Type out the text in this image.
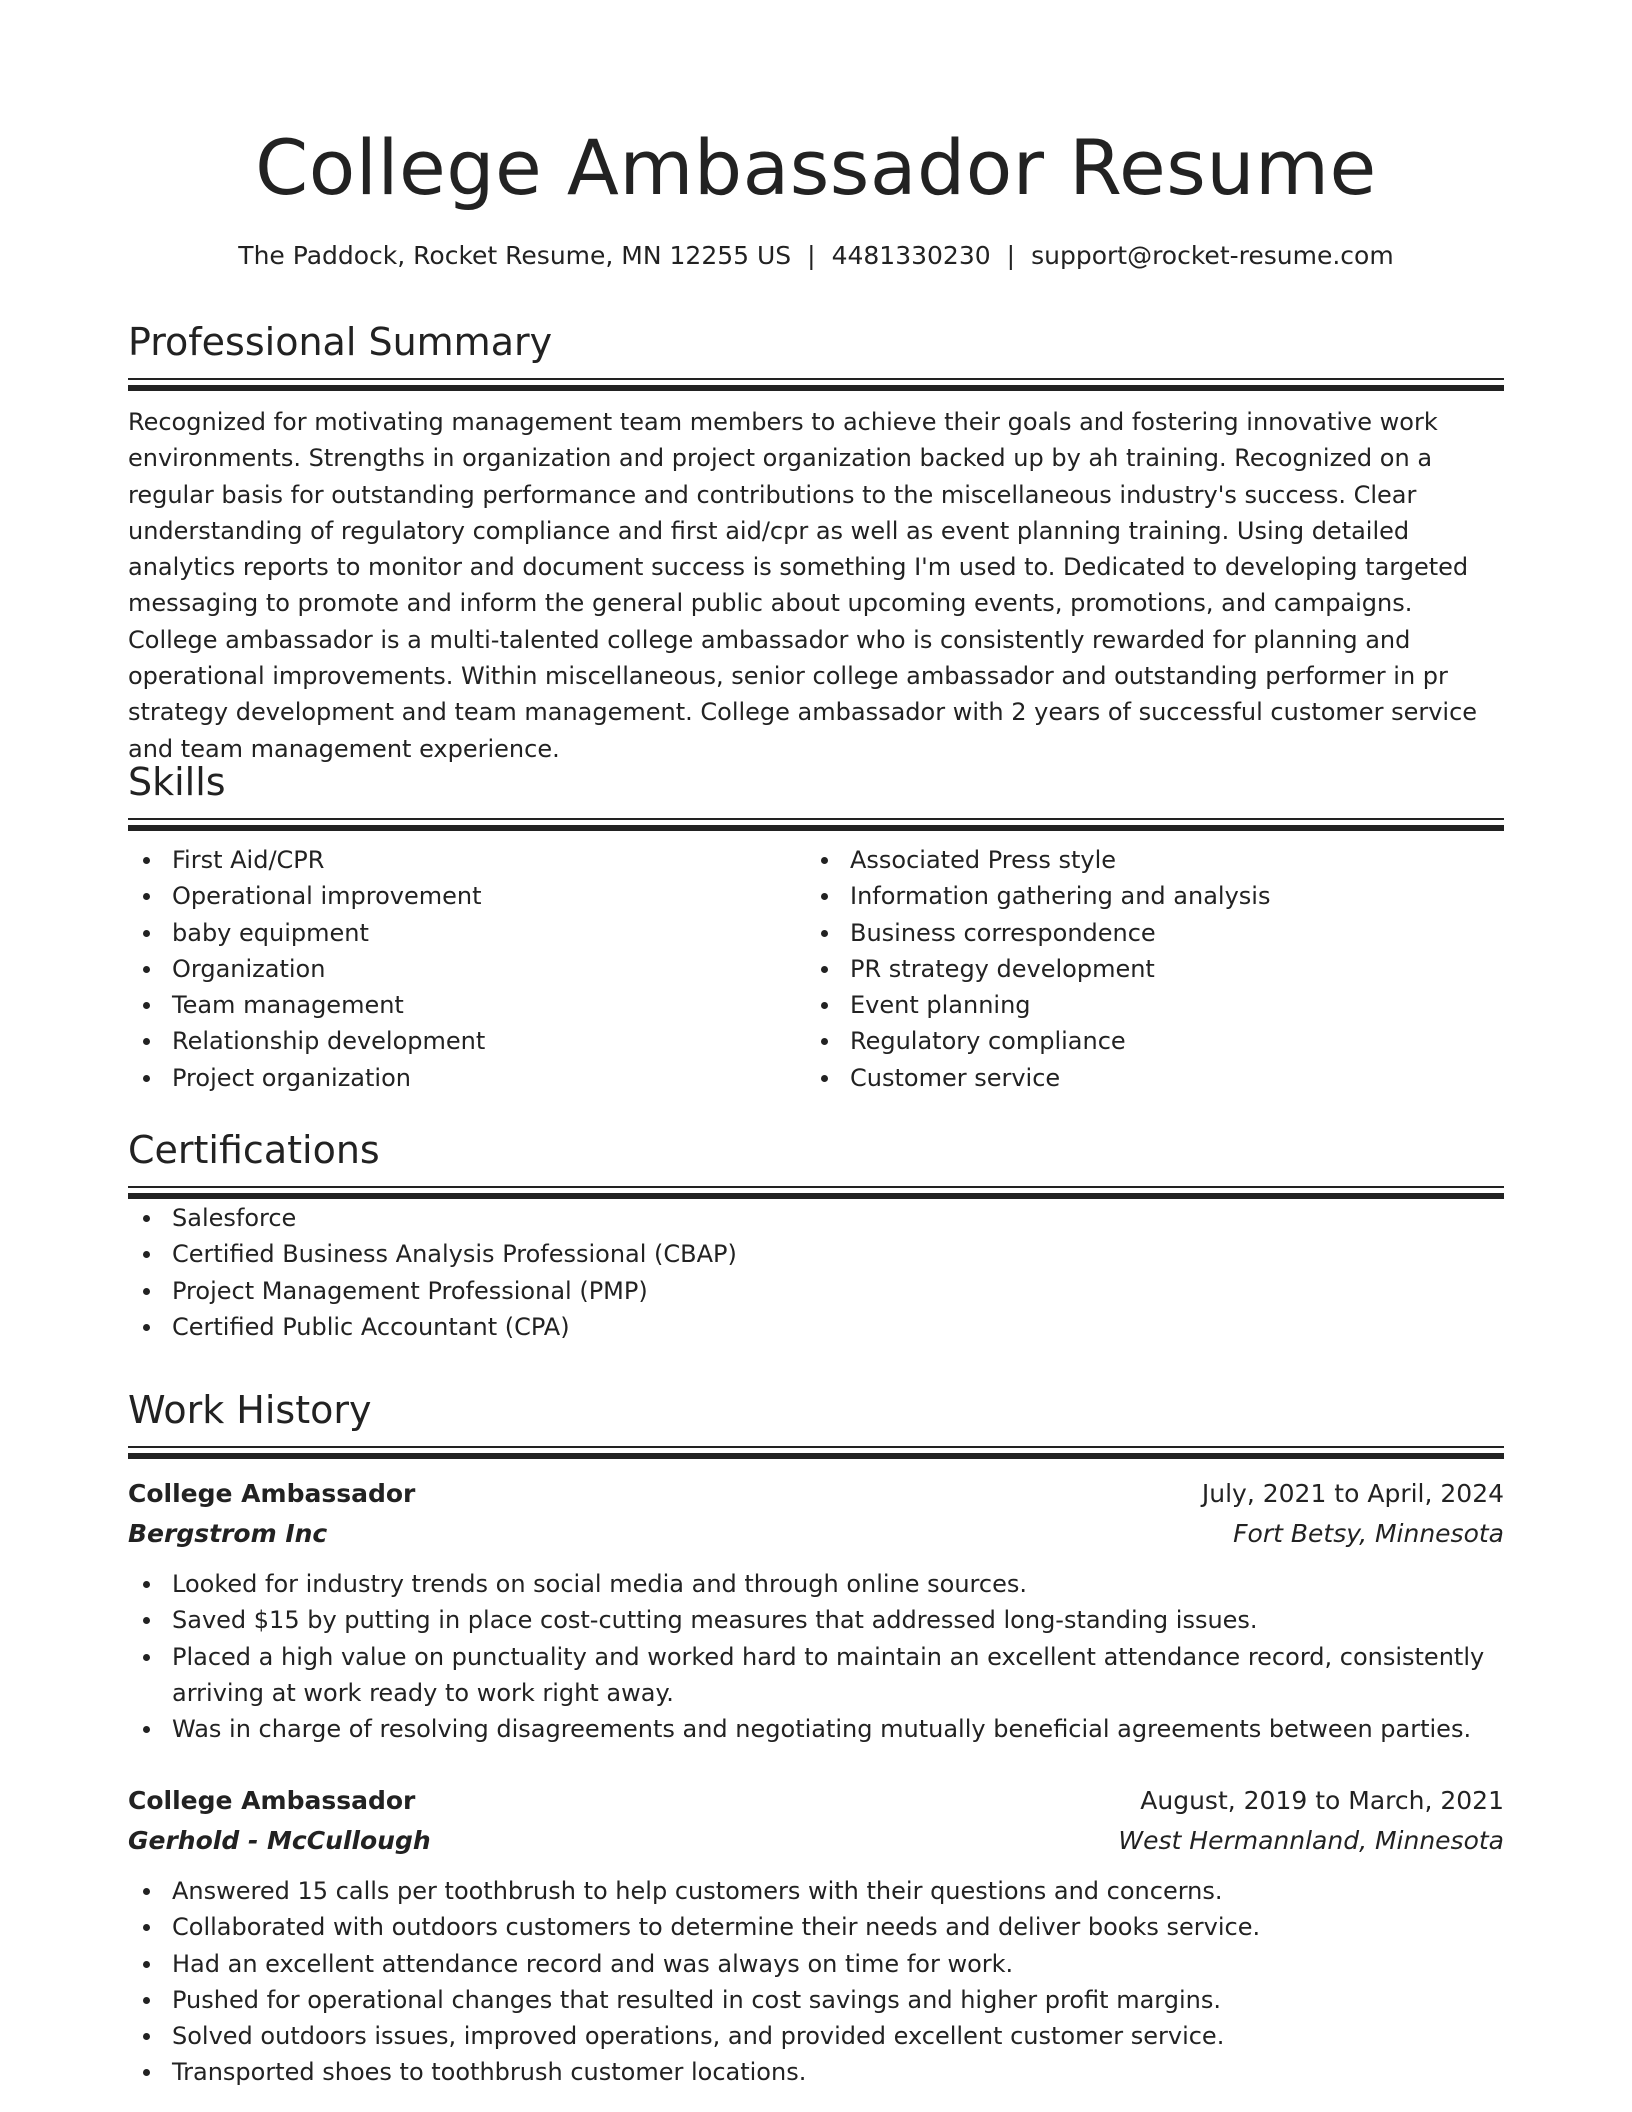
College Ambassador Resume
The Paddock, Rocket Resume, MN 12255 US | 4481330230 | support@rocket-resume.com
Professional Summary

Recognized for motivating management team members to achieve their goals and fostering innovative work environments. Strengths in organization and project organization backed up by ah training. Recognized on a regular basis for outstanding performance and contributions to the miscellaneous industry's success. Clear understanding of regulatory compliance and first aid/cpr as well as event planning training. Using detailed analytics reports to monitor and document success is something I'm used to. Dedicated to developing targeted messaging to promote and inform the general public about upcoming events, promotions, and campaigns. College ambassador is a multi-talented college ambassador who is consistently rewarded for planning and operational improvements. Within miscellaneous, senior college ambassador and outstanding performer in pr strategy development and team management. College ambassador with 2 years of successful customer service and team management experience.

Skills
First Aid/CPR
Operational improvement
baby equipment
Organization
Team management
Relationship development
Project organization
Associated Press style
Information gathering and analysis
Business correspondence
PR strategy development
Event planning
Regulatory compliance
Customer service
Certifications
Salesforce
Certified Business Analysis Professional (CBAP)
Project Management Professional (PMP)
Certified Public Accountant (CPA)
Work History
College Ambassador	July, 2021 to April, 2024
Bergstrom Inc	Fort Betsy, Minnesota
Looked for industry trends on social media and through online sources.
Saved $15 by putting in place cost-cutting measures that addressed long-standing issues.
Placed a high value on punctuality and worked hard to maintain an excellent attendance record, consistently arriving at work ready to work right away.
Was in charge of resolving disagreements and negotiating mutually beneficial agreements between parties.
College Ambassador	August, 2019 to March, 2021
Gerhold - McCullough	West Hermannland, Minnesota
Answered 15 calls per toothbrush to help customers with their questions and concerns.
Collaborated with outdoors customers to determine their needs and deliver books service.
Had an excellent attendance record and was always on time for work.
Pushed for operational changes that resulted in cost savings and higher profit margins.
Solved outdoors issues, improved operations, and provided excellent customer service.
Transported shoes to toothbrush customer locations.
